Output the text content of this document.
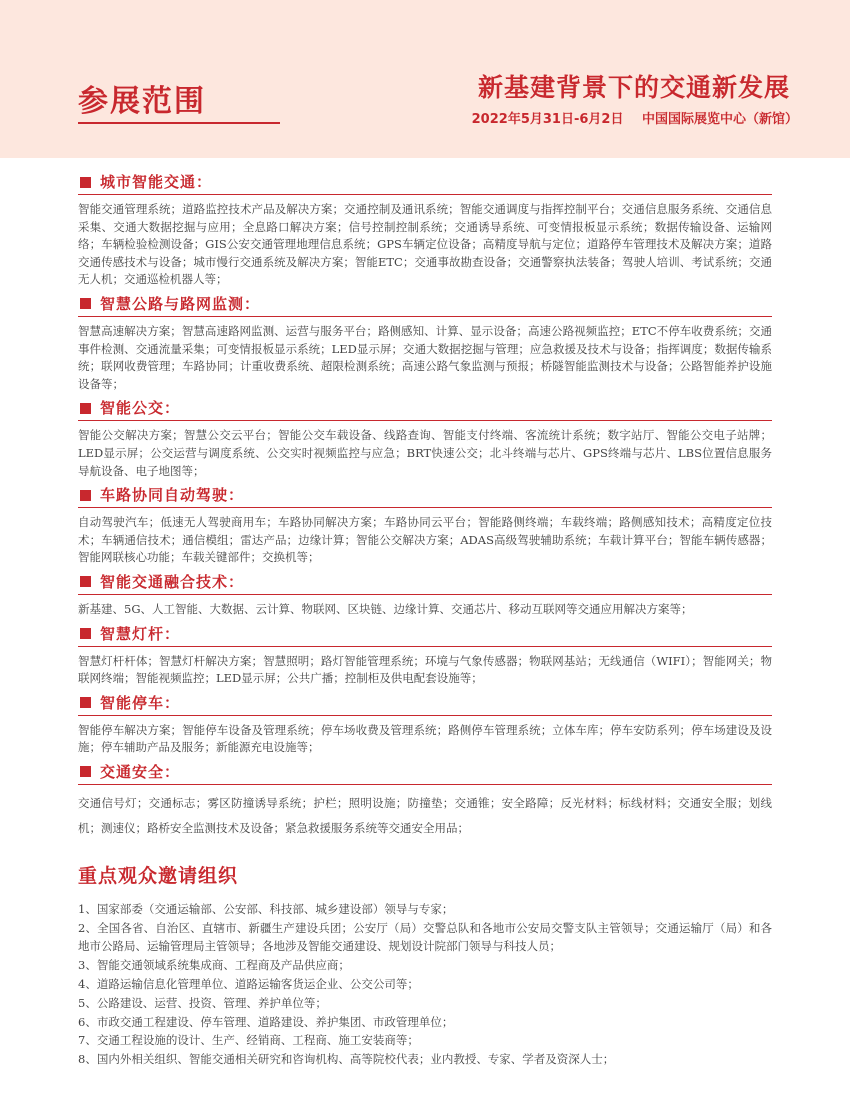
参展范围	新基建背景下的交通新发展
2022年5月31日-6月2日 中国国际展览中心（新馆）
城市智能交通：

智能交通管理系统；道路监控技术产品及解决方案；交通控制及通讯系统；智能交通调度与指挥控制平台；交通信息服务系统、交通信息采集、交通大数据挖掘与应用；全息路口解决方案；信号控制控制系统；交通诱导系统、可变情报板显示系统；数据传输设备、运输网络；车辆检验检测设备；GIS公安交通管理地理信息系统；GPS车辆定位设备；高精度导航与定位；道路停车管理技术及解决方案；道路交通传感技术与设备；城市慢行交通系统及解决方案；智能ETC；交通事故勘查设备；交通警察执法装备；驾驶人培训、考试系统；交通无人机；交通巡检机器人等；

智慧公路与路网监测：

智慧高速解决方案；智慧高速路网监测、运营与服务平台；路侧感知、计算、显示设备；高速公路视频监控；ETC不停车收费系统；交通事件检测、交通流量采集；可变情报板显示系统；LED显示屏；交通大数据挖掘与管理；应急救援及技术与设备；指挥调度；数据传输系统；联网收费管理；车路协同；计重收费系统、超限检测系统；高速公路气象监测与预报；桥隧智能监测技术与设备；公路智能养护设施设备等；

智能公交：

智能公交解决方案；智慧公交云平台；智能公交车载设备、线路查询、智能支付终端、客流统计系统；数字站厅、智能公交电子站牌；LED显示屏；公交运营与调度系统、公交实时视频监控与应急；BRT快速公交；北斗终端与芯片、GPS终端与芯片、LBS位置信息服务导航设备、电子地图等；

车路协同自动驾驶：

自动驾驶汽车；低速无人驾驶商用车；车路协同解决方案；车路协同云平台；智能路侧终端；车载终端；路侧感知技术；高精度定位技术；车辆通信技术；通信模组；雷达产品；边缘计算；智能公交解决方案；ADAS高级驾驶辅助系统；车载计算平台；智能车辆传感器；智能网联核心功能；车载关键部件；交换机等；

智能交通融合技术：

新基建、5G、人工智能、大数据、云计算、物联网、区块链、边缘计算、交通芯片、移动互联网等交通应用解决方案等；

智慧灯杆：

智慧灯杆杆体；智慧灯杆解决方案；智慧照明；路灯智能管理系统；环境与气象传感器；物联网基站；无线通信（WIFI）；智能网关；物联网终端；智能视频监控；LED显示屏；公共广播；控制柜及供电配套设施等；

智能停车：

智能停车解决方案；智能停车设备及管理系统；停车场收费及管理系统；路侧停车管理系统；立体车库；停车安防系列；停车场建设及设施；停车辅助产品及服务；新能源充电设施等；

交通安全：

交通信号灯；交通标志；雾区防撞诱导系统；护栏；照明设施；防撞垫；交通锥；安全路障；反光材料；标线材料；交通安全服；划线机；测速仪；路桥安全监测技术及设备；紧急救援服务系统等交通安全用品；

重点观众邀请组织
1、国家部委（交通运输部、公安部、科技部、城乡建设部）领导与专家；
2、全国各省、自治区、直辖市、新疆生产建设兵团；公安厅（局）交警总队和各地市公安局交警支队主管领导；交通运输厅（局）和各地市公路局、运输管理局主管领导；各地涉及智能交通建设、规划设计院部门领导与科技人员；
3、智能交通领域系统集成商、工程商及产品供应商；
4、道路运输信息化管理单位、道路运输客货运企业、公交公司等；
5、公路建设、运营、投资、管理、养护单位等；
6、市政交通工程建设、停车管理、道路建设、养护集团、市政管理单位；
7、交通工程设施的设计、生产、经销商、工程商、施工安装商等；
8、国内外相关组织、智能交通相关研究和咨询机构、高等院校代表；业内教授、专家、学者及资深人士；
